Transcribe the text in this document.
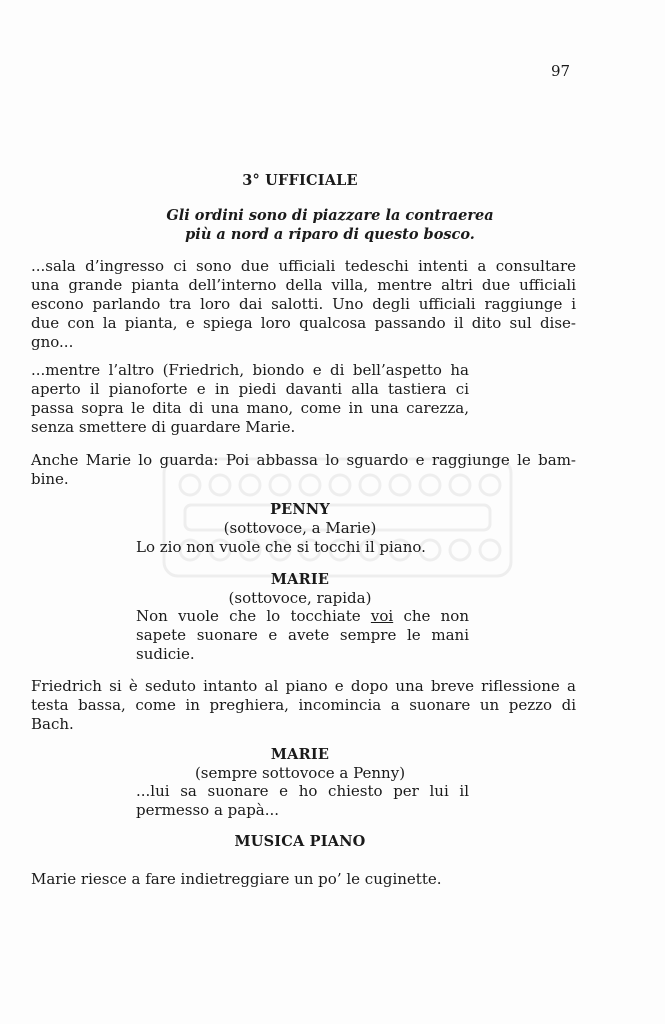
97
3° UFFICIALE
Gli ordini sono di piazzare la contraerea
più a nord a riparo di questo bosco.
...sala d’ingresso ci sono due ufficiali tedeschi intenti a consultare
una grande pianta dell’interno della villa, mentre altri due ufficiali
escono parlando tra loro dai salotti. Uno degli ufficiali raggiunge i
due con la pianta, e spiega loro qualcosa passando il dito sul dise-
gno...
...mentre l’altro (Friedrich, biondo e di bell’aspetto ha
aperto il pianoforte e in piedi davanti alla tastiera ci
passa sopra le dita di una mano, come in una carezza,
senza smettere di guardare Marie.
Anche Marie lo guarda: Poi abbassa lo sguardo e raggiunge le bam-
bine.
PENNY
(sottovoce, a Marie)
Lo zio non vuole che si tocchi il piano.
MARIE
(sottovoce, rapida)
Non vuole che lo tocchiate voi che non
sapete suonare e avete sempre le mani
sudicie.
Friedrich si è seduto intanto al piano e dopo una breve riflessione a
testa bassa, come in preghiera, incomincia a suonare un pezzo di
Bach.
MARIE
(sempre sottovoce a Penny)
...lui sa suonare e ho chiesto per lui il
permesso a papà...
MUSICA PIANO
Marie riesce a fare indietreggiare un po’ le cuginette.
